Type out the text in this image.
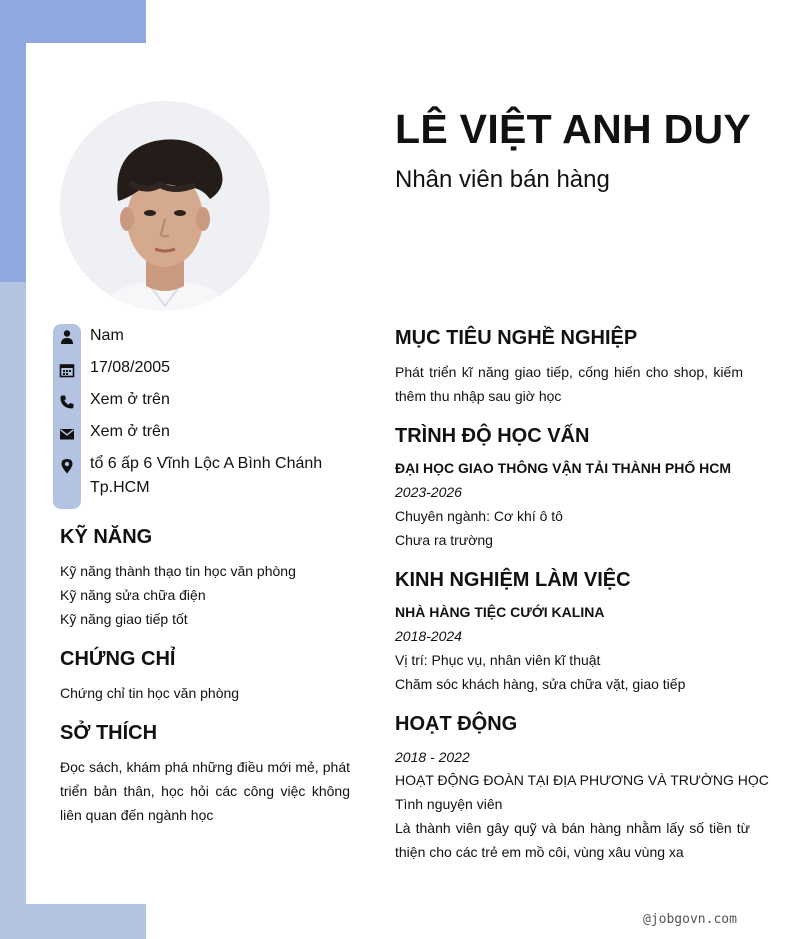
LÊ VIỆT ANH DUY
Nhân viên bán hàng
Nam
17/08/2005
Xem ở trên
Xem ở trên
tổ 6 ấp 6 Vĩnh Lộc A Bình Chánh
Tp.HCM
KỸ NĂNG
Kỹ năng thành thạo tin học văn phòng
Kỹ năng sửa chữa điện
Kỹ năng giao tiếp tốt
CHỨNG CHỈ
Chứng chỉ tin học văn phòng
SỞ THÍCH
Đọc sách, khám phá những điều mới mẻ, phát triển bản thân, học hỏi các công việc không liên quan đến ngành học
MỤC TIÊU NGHỀ NGHIỆP
Phát triển kĩ năng giao tiếp, cống hiến cho shop, kiếm thêm thu nhập sau giờ học
TRÌNH ĐỘ HỌC VẤN
ĐẠI HỌC GIAO THÔNG VẬN TẢI THÀNH PHỐ HCM
2023-2026
Chuyên ngành: Cơ khí ô tô
Chưa ra trường
KINH NGHIỆM LÀM VIỆC
NHÀ HÀNG TIỆC CƯỚI KALINA
2018-2024
Vị trí: Phục vụ, nhân viên kĩ thuật
Chăm sóc khách hàng, sửa chữa vặt, giao tiếp
HOẠT ĐỘNG
2018 - 2022
HOẠT ĐỘNG ĐOÀN TẠI ĐỊA PHƯƠNG VÀ TRƯỜNG HỌC
Tình nguyện viên
Là thành viên gây quỹ và bán hàng nhằm lấy số tiền từ thiện cho các trẻ em mồ côi, vùng xâu vùng xa
@jobgovn.com
